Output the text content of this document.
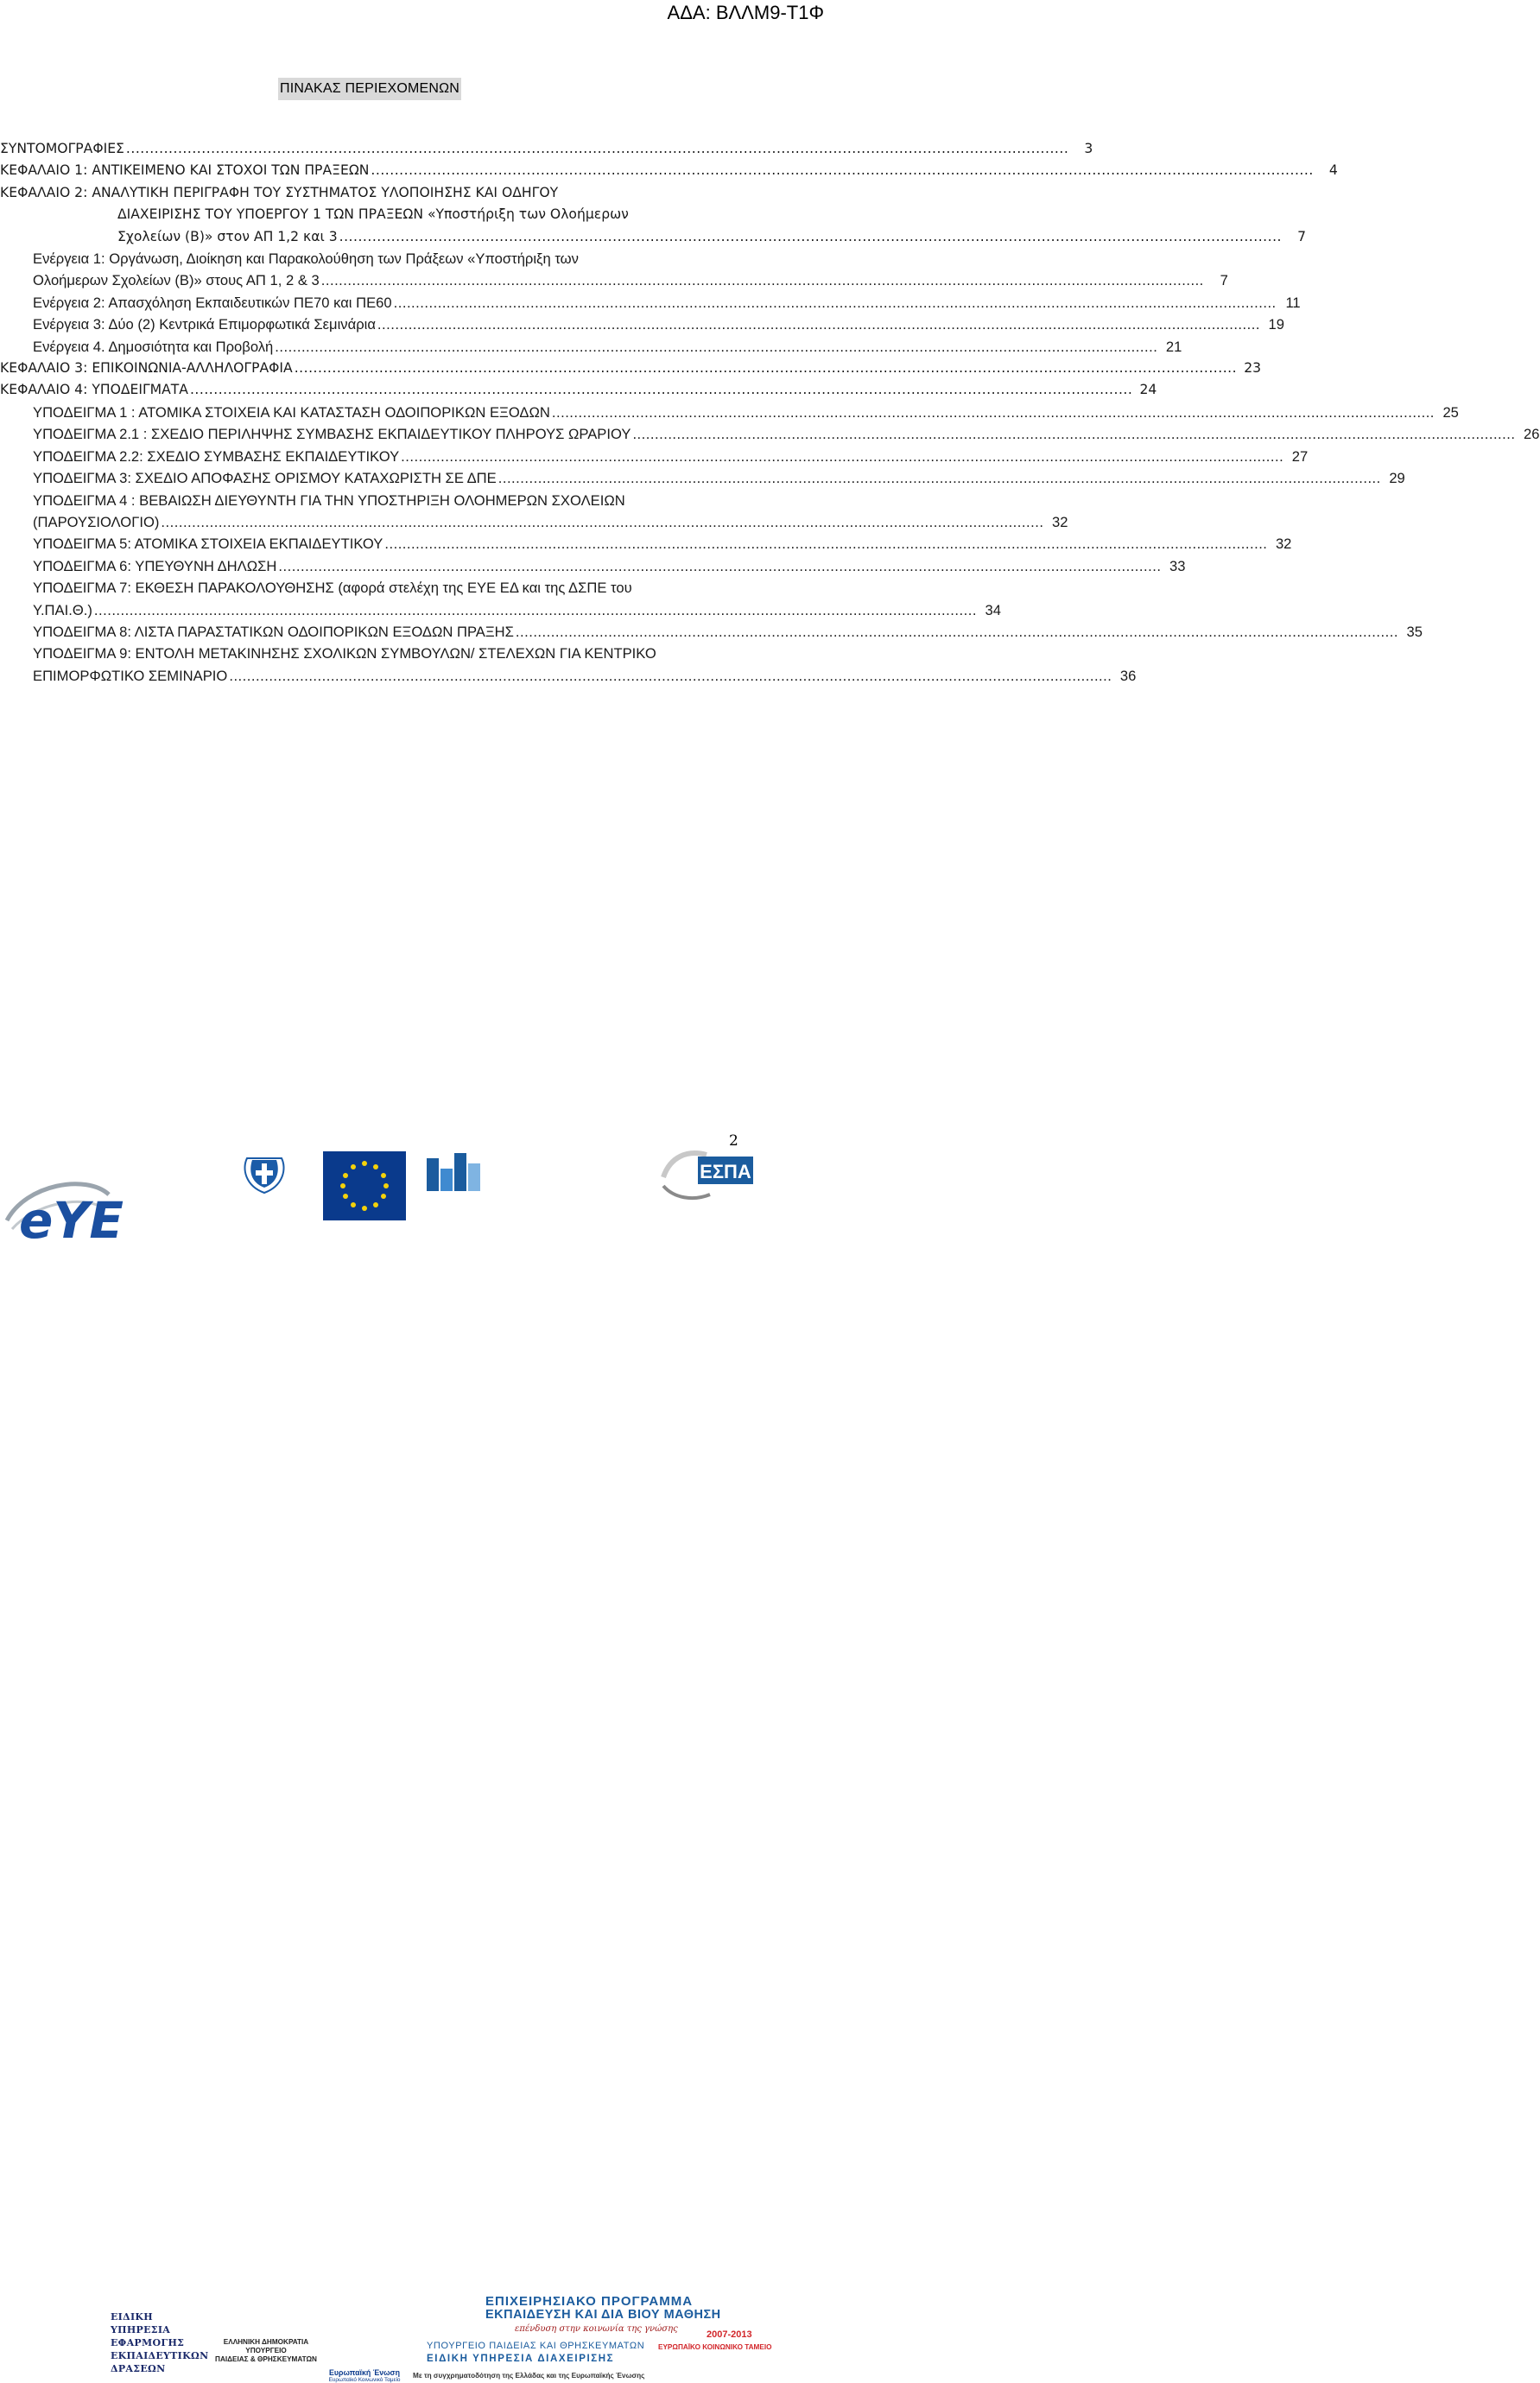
ΑΔΑ: ΒΛΛΜ9-Τ1Φ
ΠΙΝΑΚΑΣ ΠΕΡΙΕΧΟΜΕΝΩΝ
ΣΥΝΤΟΜΟΓΡΑΦΙΕΣ .....	3
ΚΕΦΑΛΑΙΟ 1: ΑΝΤΙΚΕΙΜΕΝΟ ΚΑΙ ΣΤΟΧΟΙ ΤΩΝ ΠΡΑΞΕΩΝ .....	4
ΚΕΦΑΛΑΙΟ 2: ΑΝΑΛΥΤΙΚΗ ΠΕΡΙΓΡΑΦΗ ΤΟΥ ΣΥΣΤΗΜΑΤΟΣ ΥΛΟΠΟΙΗΣΗΣ ΚΑΙ ΟΔΗΓΟΥ
ΔΙΑΧΕΙΡΙΣΗΣ ΤΟΥ ΥΠΟΕΡΓΟΥ 1 ΤΩΝ ΠΡΑΞΕΩΝ «Υποστήριξη των Ολοήμερων
Σχολείων (Β)» στον ΑΠ 1,2 και 3 .....	7
Ενέργεια 1: Οργάνωση, Διοίκηση και Παρακολούθηση των Πράξεων «Υποστήριξη των
Ολοήμερων Σχολείων (Β)» στους ΑΠ 1, 2 & 3 .....	7
Ενέργεια 2: Απασχόληση Εκπαιδευτικών ΠΕ70 και ΠΕ60 .....	11
Ενέργεια 3: Δύο (2) Κεντρικά Επιμορφωτικά Σεμινάρια .....	19
Ενέργεια 4. Δημοσιότητα και Προβολή .....	21
ΚΕΦΑΛΑΙΟ 3: ΕΠΙΚΟΙΝΩΝΙΑ-ΑΛΛΗΛΟΓΡΑΦΙΑ .....	23
ΚΕΦΑΛΑΙΟ 4: ΥΠΟΔΕΙΓΜΑΤΑ .....	24
ΥΠΟΔΕΙΓΜΑ 1 : ΑΤΟΜΙΚΑ ΣΤΟΙΧΕΙΑ ΚΑΙ ΚΑΤΑΣΤΑΣΗ ΟΔΟΙΠΟΡΙΚΩΝ ΕΞΟΔΩΝ .....	25
ΥΠΟΔΕΙΓΜΑ 2.1 : ΣΧΕΔΙΟ ΠΕΡΙΛΗΨΗΣ ΣΥΜΒΑΣΗΣ ΕΚΠΑΙΔΕΥΤΙΚΟΥ ΠΛΗΡΟΥΣ ΩΡΑΡΙΟΥ .....	26
ΥΠΟΔΕΙΓΜΑ 2.2: ΣΧΕΔΙΟ ΣΥΜΒΑΣΗΣ ΕΚΠΑΙΔΕΥΤΙΚΟΥ .....	27
ΥΠΟΔΕΙΓΜΑ 3: ΣΧΕΔΙΟ ΑΠΟΦΑΣΗΣ ΟΡΙΣΜΟΥ ΚΑΤΑΧΩΡΙΣΤΗ ΣΕ ΔΠΕ .....	29
ΥΠΟΔΕΙΓΜΑ 4 : ΒΕΒΑΙΩΣΗ ΔΙΕΥΘΥΝΤΗ ΓΙΑ ΤΗΝ ΥΠΟΣΤΗΡΙΞΗ ΟΛΟΗΜΕΡΩΝ ΣΧΟΛΕΙΩΝ
(ΠΑΡΟΥΣΙΟΛΟΓΙΟ) .....	32
ΥΠΟΔΕΙΓΜΑ 5: ΑΤΟΜΙΚΑ ΣΤΟΙΧΕΙΑ ΕΚΠΑΙΔΕΥΤΙΚΟΥ .....	32
ΥΠΟΔΕΙΓΜΑ 6: ΥΠΕΥΘΥΝΗ ΔΗΛΩΣΗ .....	33
ΥΠΟΔΕΙΓΜΑ 7: ΕΚΘΕΣΗ ΠΑΡΑΚΟΛΟΥΘΗΣΗΣ (αφορά στελέχη της ΕΥΕ ΕΔ και της ΔΣΠΕ του
Υ.ΠΑΙ.Θ.) .....	34
ΥΠΟΔΕΙΓΜΑ 8: ΛΙΣΤΑ ΠΑΡΑΣΤΑΤΙΚΩΝ ΟΔΟΙΠΟΡΙΚΩΝ ΕΞΟΔΩΝ ΠΡΑΞΗΣ .....	35
ΥΠΟΔΕΙΓΜΑ 9: ΕΝΤΟΛΗ ΜΕΤΑΚΙΝΗΣΗΣ ΣΧΟΛΙΚΩΝ ΣΥΜΒΟΥΛΩΝ/ ΣΤΕΛΕΧΩΝ ΓΙΑ ΚΕΝΤΡΙΚΟ
ΕΠΙΜΟΡΦΩΤΙΚΟ ΣΕΜΙΝΑΡΙΟ .....	36
2
eYE
ΕΙΔΙΚΗ
ΥΠΗΡΕΣΙΑ
ΕΦΑΡΜΟΓΗΣ
ΕΚΠΑΙΔΕΥΤΙΚΩΝ
ΔΡΑΣΕΩΝ
ΕΛΛΗΝΙΚΗ ΔΗΜΟΚΡΑΤΙΑ
ΥΠΟΥΡΓΕΙΟ
ΠΑΙΔΕΙΑΣ & ΘΡΗΣΚΕΥΜΑΤΩΝ
Ευρωπαϊκή Ένωση
Ευρωπαϊκό Κοινωνικό Ταμείο
ΕΠΙΧΕΙΡΗΣΙΑΚΟ ΠΡΟΓΡΑΜΜΑ
ΕΚΠΑΙΔΕΥΣΗ ΚΑΙ ΔΙΑ ΒΙΟΥ ΜΑΘΗΣΗ
επένδυση στην κοινωνία της γνώσης
ΥΠΟΥΡΓΕΙΟ ΠΑΙΔΕΙΑΣ ΚΑΙ ΘΡΗΣΚΕΥΜΑΤΩΝ
ΕΙΔΙΚΗ ΥΠΗΡΕΣΙΑ ΔΙΑΧΕΙΡΙΣΗΣ
Με τη συγχρηματοδότηση της Ελλάδας και της Ευρωπαϊκής Ένωσης
ΕΣΠΑ
2007-2013
ΕΥΡΩΠΑΪΚΟ ΚΟΙΝΩΝΙΚΟ ΤΑΜΕΙΟ
